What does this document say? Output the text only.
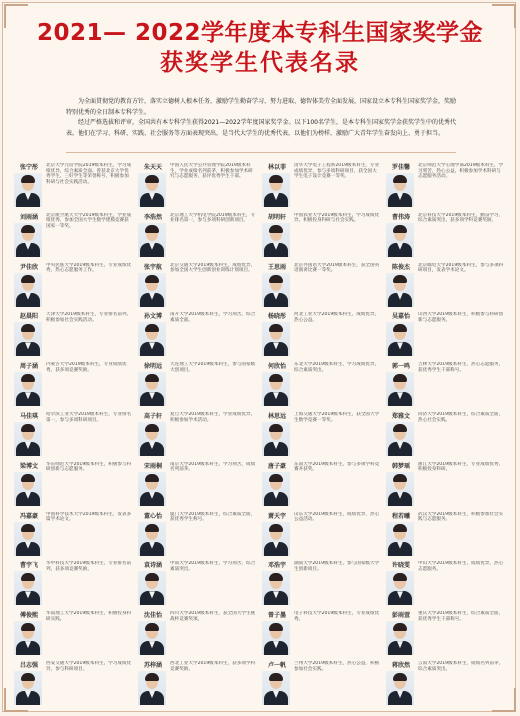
2021— 2022学年度本专科生国家奖学金
获奖学生代表名录

为全面贯彻党的教育方针，落实立德树人根本任务，激励学生勤奋学习、努力进取、德智体美劳全面发展，国家设立本专科生国家奖学金，奖励特别优秀的全日制本专科学生。

经过严格选拔和评审，全国共有本专科学生获得2021—2022学年度国家奖学金。以下100名学生，是本专科生国家奖学金获奖学生中的优秀代表。他们在学习、科研、实践、社会服务等方面表现突出，是当代大学生的优秀代表，以他们为榜样，激励广大青年学生奋发向上、勇于担当。

张宁彤	北京大学元培学院2019级本科生，学习成绩优异，综合素质全面。曾获北京大学优秀学生、三好学生等荣誉称号，积极参加科研与社会实践活动。
朱天天	中国人民大学公共管理学院2019级本科生，学业成绩名列前茅，积极参加学术研究与志愿服务，获评优秀学生干部。
林以菲	清华大学电子工程系2019级本科生，专业成绩优异，参与多项科研项目，获全国大学生电子设计竞赛一等奖。
罗佳馨	北京师范大学心理学部2019级本科生，学习刻苦，热心公益，积极参加学术科研与志愿服务活动。
刘雨涵	北京航空航天大学2019级本科生，学业成绩优秀，参加全国大学生数学建模竞赛获国家一等奖。
李浩然	北京理工大学机电学院2019级本科生，专业排名第一，参与多项科研创新项目。
胡明轩	中国农业大学2019级本科生，学习成绩优异，积极投身科研与社会实践。
曹伟涛	北京科技大学2019级本科生，勤奋学习，综合素质突出，获多项学科竞赛奖励。
尹佳欣	中央民族大学2019级本科生，专业成绩优秀，热心志愿服务工作。
张宇航	北京交通大学2019级本科生，成绩优异，参加全国大学生创新创业训练计划项目。
王思雨	北京外国语大学2019级本科生，获全国英语演讲比赛一等奖。
陈俊杰	北京邮电大学2019级本科生，参与多项科研项目，发表学术论文。
赵晨阳	天津大学2019级本科生，专业排名前列，积极参加社会实践活动。
孙文博	南开大学2019级本科生，学习刻苦，综合素质全面。
杨晓彤	河北工业大学2019级本科生，成绩优异，热心公益。
吴嘉怡	山西大学2019级本科生，积极参与科研创新与志愿服务。
周子涵	内蒙古大学2019级本科生，专业成绩优秀，获多项竞赛奖励。
徐明远	大连理工大学2019级本科生，参与国家级大创项目。
何欣怡	东北大学2019级本科生，学习成绩优异，综合素质突出。
郭一鸣	吉林大学2019级本科生，热心志愿服务，获优秀学生干部称号。
马佳琪	哈尔滨工业大学2019级本科生，专业排名第一，参与多项科研项目。
高子轩	复旦大学2019级本科生，学业成绩优异，积极参加学术活动。
林思远	上海交通大学2019级本科生，获全国大学生数学竞赛一等奖。
郑雅文	同济大学2019级本科生，综合素质全面，热心社会实践。
梁博文	华东师范大学2019级本科生，积极参与科研创新与志愿服务。
宋雨桐	南京大学2019级本科生，学习刻苦，成绩名列前茅。
唐子豪	东南大学2019级本科生，参与多项学科竞赛并获奖。
韩梦瑶	浙江大学2019级本科生，专业成绩优秀，积极投身科研。
冯嘉豪	中国科学技术大学2019级本科生，发表多篇学术论文。
董心怡	厦门大学2019级本科生，综合素质全面，获优秀学生称号。
萧天宇	山东大学2019级本科生，成绩优异，热心公益活动。
程若曦	武汉大学2019级本科生，积极参加社会实践与志愿服务。
曹宇飞	华中科技大学2019级本科生，专业排名前列，获多项竞赛奖励。
袁诗涵	中南大学2019级本科生，学习刻苦，综合素质突出。
邓浩宇	湖南大学2019级本科生，参与国家级大学生创新项目。
许晓雯	中山大学2019级本科生，成绩优异，热心志愿服务。
傅俊熙	华南理工大学2019级本科生，积极投身科研实践。
沈佳怡	四川大学2019级本科生，获全国大学生挑战杯竞赛奖项。
曾子墨	电子科技大学2019级本科生，专业成绩优秀。
彭雨萱	重庆大学2019级本科生，综合素质全面，获优秀学生干部称号。
吕志强	西安交通大学2019级本科生，学习成绩优异，参与科研项目。
苏梓涵	西北工业大学2019级本科生，获多项学科竞赛奖励。
卢一帆	兰州大学2019级本科生，热心公益，积极参加社会实践。
蒋欣然	云南大学2019级本科生，成绩名列前茅，综合素质突出。
